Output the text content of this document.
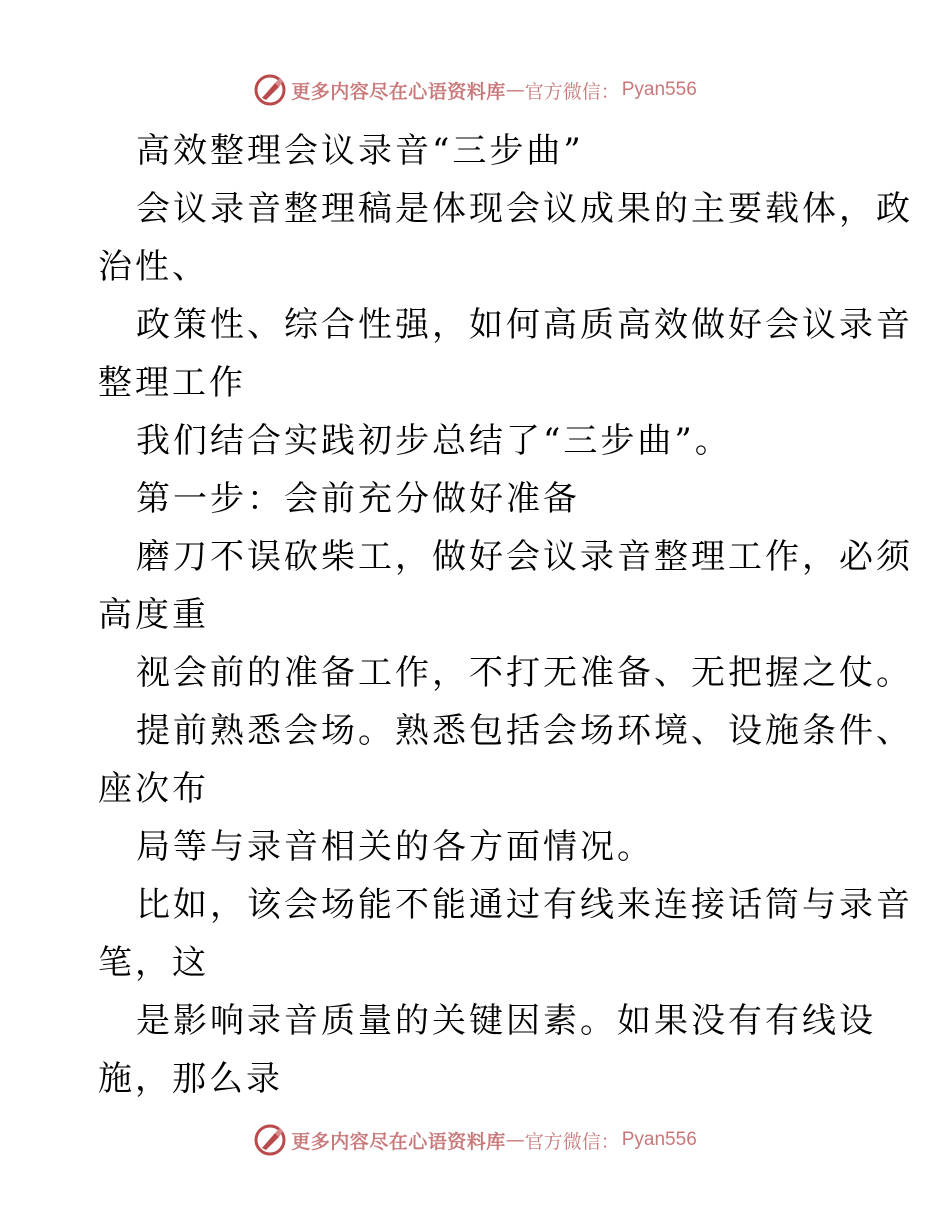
更多内容尽在心语资料库 — 官方微信： Pyan556
高效整理会议录音“三步曲”
会议录音整理稿是体现会议成果的主要载体，政
治性、
政策性、综合性强，如何高质高效做好会议录音
整理工作
我们结合实践初步总结了“三步曲”。
第一步：会前充分做好准备
磨刀不误砍柴工，做好会议录音整理工作，必须
高度重
视会前的准备工作，不打无准备、无把握之仗。
提前熟悉会场。熟悉包括会场环境、设施条件、
座次布
局等与录音相关的各方面情况。
比如，该会场能不能通过有线来连接话筒与录音
笔，这
是影响录音质量的关键因素。如果没有有线设
施，那么录
更多内容尽在心语资料库 — 官方微信： Pyan556
